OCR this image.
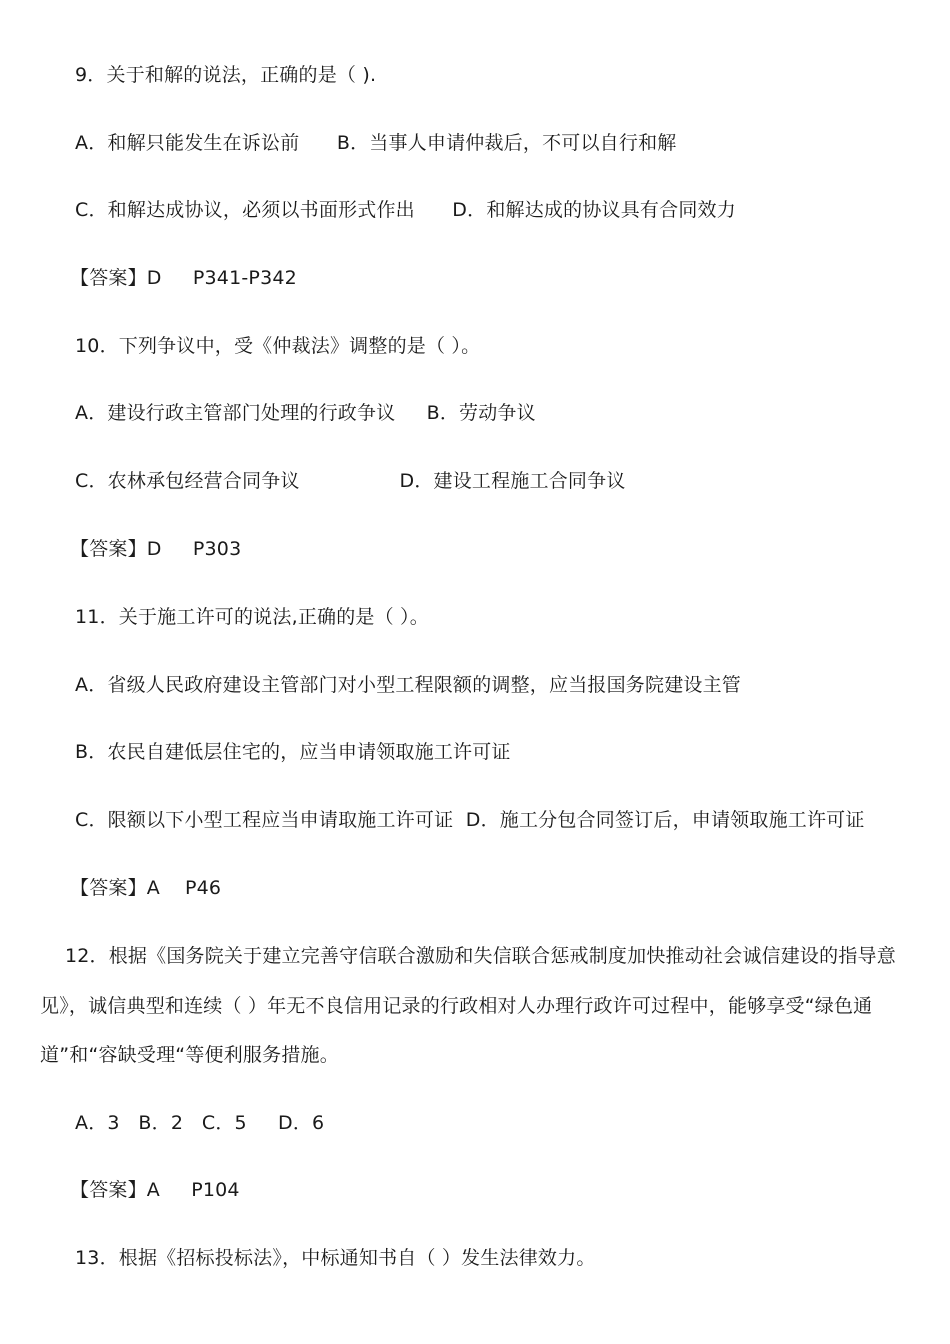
9．关于和解的说法，正确的是（ ).
A．和解只能发生在诉讼前      B．当事人申请仲裁后，不可以自行和解
C．和解达成协议，必须以书面形式作出      D．和解达成的协议具有合同效力
【答案】D     P341-P342
10．下列争议中，受《仲裁法》调整的是（ ）。
A．建设行政主管部门处理的行政争议     B．劳动争议
C．农林承包经营合同争议                D．建设工程施工合同争议
【答案】D     P303
11．关于施工许可的说法,正确的是（ ）。
A．省级人民政府建设主管部门对小型工程限额的调整，应当报国务院建设主管
B．农民自建低层住宅的，应当申请领取施工许可证
C．限额以下小型工程应当申请取施工许可证  D．施工分包合同签订后，申请领取施工许可证
【答案】A    P46
12．根据《国务院关于建立完善守信联合激励和失信联合惩戒制度加快推动社会诚信建设的指导意
见》，诚信典型和连续（ ）年无不良信用记录的行政相对人办理行政许可过程中，能够享受“绿色通
道”和“容缺受理“等便利服务措施。
A．3   B．2   C．5     D．6
【答案】A     P104
13．根据《招标投标法》，中标通知书自（ ）发生法律效力。
